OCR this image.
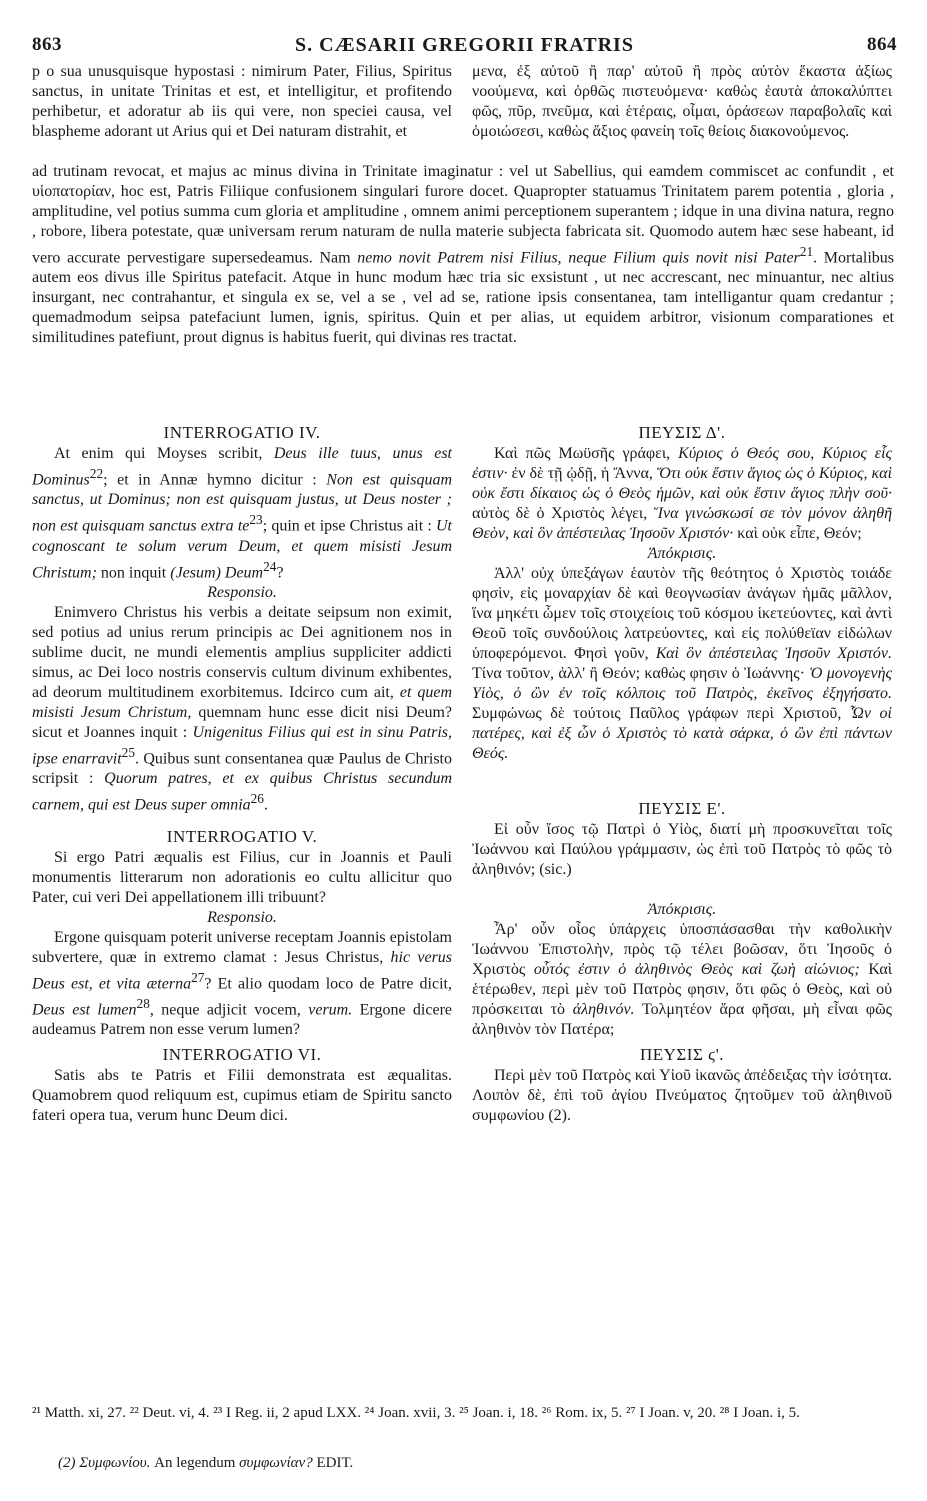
863	S. CÆSARII GREGORII FRATRIS	864

p o sua unusquisque hypostasi : nimirum Pater, Filius, Spiritus sanctus, in unitate Trinitas et est, et intelligitur, et profitendo perhibetur, et adoratur ab iis qui vere, non speciei causa, vel blaspheme adorant ut Arius qui et Dei naturam distrahit, et

μενα, ἐξ αὐτοῦ ἢ παρ' αὐτοῦ ἢ πρὸς αὐτὸν ἕκαστα ἀξίως νοούμενα, καὶ ὀρθῶς πιστευόμενα· καθὼς ἑαυτὰ ἀποκαλύπτει φῶς, πῦρ, πνεῦμα, καὶ ἑτέραις, οἶμαι, ὁράσεων παραβολαῖς καὶ ὁμοιώσεσι, καθὼς ἄξιος φανείη τοῖς θείοις διακονούμενος.

ad trutinam revocat, et majus ac minus divina in Trinitate imaginatur : vel ut Sabellius, qui eamdem commiscet ac confundit , et υἱοπατορίαν, hoc est, Patris Filiique confusionem singulari furore docet. Quapropter statuamus Trinitatem parem potentia , gloria , amplitudine, vel potius summa cum gloria et amplitudine , omnem animi perceptionem superantem ; idque in una divina natura, regno , robore, libera potestate, quæ universam rerum naturam de nulla materie subjecta fabricata sit. Quomodo autem hæc sese habeant, id vero accurate pervestigare supersedeamus. Nam nemo novit Patrem nisi Filius, neque Filium quis novit nisi Pater$^{21}$. Mortalibus autem eos divus ille Spiritus patefacit. Atque in hunc modum hæc tria sic exsistunt , ut nec accrescant, nec minuantur, nec altius insurgant, nec contrahantur, et singula ex se, vel a se , vel ad se, ratione ipsis consentanea, tam intelligantur quam credantur ; quemadmodum seipsa patefaciunt lumen, ignis, spiritus. Quin et per alias, ut equidem arbitror, visionum comparationes et similitudines patefiunt, prout dignus is habitus fuerit, qui divinas res tractat.

INTERROGATIO IV.

At enim qui Moyses scribit, Deus ille tuus, unus est Dominus$^{22}$; et in Annæ hymno dicitur : Non est quisquam sanctus, ut Dominus; non est quisquam justus, ut Deus noster ; non est quisquam sanctus extra $te^{23}$; quin et ipse Christus ait : Ut cognoscant te solum verum Deum, et quem misisti Jesum Christum; non inquit (Jesum) Deum$^{24}$?

Responsio.

Enimvero Christus his verbis a deitate seipsum non eximit, sed potius ad unius rerum principis ac Dei agnitionem nos in sublime ducit, ne mundi elementis amplius suppliciter addicti simus, ac Dei loco nostris conservis cultum divinum exhibentes, ad deorum multitudinem exorbitemus. Idcirco cum ait, et quem misisti Jesum Christum, quemnam hunc esse dicit nisi Deum? sicut et Joannes inquit : Unigenitus Filius qui est in sinu Patris, ipse enarravit$^{25}$. Quibus sunt consentanea quæ Paulus de Christo scripsit : Quorum patres, et ex quibus Christus secundum carnem, qui est Deus super omnia$^{26}$.

INTERROGATIO V.

Si ergo Patri æqualis est Filius, cur in Joannis et Pauli monumentis litterarum non adorationis eo cultu allicitur quo Pater, cui veri Dei appellationem illi tribuunt?

Responsio.

Ergone quisquam poterit universe receptam Joannis epistolam subvertere, quæ in extremo clamat : Jesus Christus, hic verus Deus est, et vita æterna$^{27}$? Et alio quodam loco de Patre dicit, Deus est lumen$^{28}$, neque adjicit vocem, verum. Ergone dicere audeamus Patrem non esse verum lumen?

INTERROGATIO VI.

Satis abs te Patris et Filii demonstrata est æqualitas. Quamobrem quod reliquum est, cupimus etiam de Spiritu sancto fateri opera tua, verum hunc Deum dici.

ΠΕΥΣΙΣ Δ'.

Καὶ πῶς Μωϋσῆς γράφει, Κύριος ὁ Θεός σου, Κύριος εἷς ἐστιν· ἐν δὲ τῇ ᾠδῇ, ἡ Ἄννα, Ὅτι οὐκ ἔστιν ἅγιος ὡς ὁ Κύριος, καὶ οὐκ ἔστι δίκαιος ὡς ὁ Θεὸς ἡμῶν, καὶ οὐκ ἔστιν ἅγιος πλὴν σοῦ· αὐτὸς δὲ ὁ Χριστὸς λέγει, Ἵνα γινώσκωσί σε τὸν μόνον ἀληθῆ Θεὸν, καὶ ὃν ἀπέστειλας Ἰησοῦν Χριστόν· καὶ οὐκ εἶπε, Θεόν;

Ἀπόκρισις.

Ἀλλ' οὐχ ὑπεξάγων ἑαυτὸν τῆς θεότητος ὁ Χριστὸς τοιάδε φησὶν, εἰς μοναρχίαν δὲ καὶ θεογνωσίαν ἀνάγων ἡμᾶς μᾶλλον, ἵνα μηκέτι ὦμεν τοῖς στοιχείοις τοῦ κόσμου ἱκετεύοντες, καὶ ἀντὶ Θεοῦ τοῖς συνδούλοις λατρεύοντες, καὶ εἰς πολύθεϊαν εἰδώλων ὑποφερόμενοι. Φησὶ γοῦν, Καὶ ὃν ἀπέστειλας Ἰησοῦν Χριστόν. Τίνα τοῦτον, ἀλλ' ἢ Θεόν; καθὼς φησιν ὁ Ἰωάννης· Ὁ μονογενὴς Υἱὸς, ὁ ὢν ἐν τοῖς κόλποις τοῦ Πατρὸς, ἐκεῖνος ἐξηγήσατο. Συμφώνως δὲ τούτοις Παῦλος γράφων περὶ Χριστοῦ, Ὧν οἱ πατέρες, καὶ ἐξ ὧν ὁ Χριστὸς τὸ κατὰ σάρκα, ὁ ὢν ἐπὶ πάντων Θεός.

ΠΕΥΣΙΣ Ε'.

Εἰ οὖν ἴσος τῷ Πατρὶ ὁ Υἱὸς, διατί μὴ προσκυνεῖται τοῖς Ἰωάννου καὶ Παύλου γράμμασιν, ὡς ἐπὶ τοῦ Πατρὸς τὸ φῶς τὸ ἀληθινόν; (sic.)

Ἀπόκρισις.

Ἆρ' οὖν οἷος ὑπάρχεις ὑποσπάσασθαι τὴν καθολικὴν Ἰωάννου Ἐπιστολὴν, πρὸς τῷ τέλει βοῶσαν, ὅτι Ἰησοῦς ὁ Χριστὸς οὗτός ἐστιν ὁ ἀληθινὸς Θεὸς καὶ ζωὴ αἰώνιος; Καὶ ἑτέρωθεν, περὶ μὲν τοῦ Πατρὸς φησιν, ὅτι φῶς ὁ Θεὸς, καὶ οὐ πρόσκειται τὸ ἀληθινόν. Τολμητέον ἄρα φῆσαι, μὴ εἶναι φῶς ἀληθινὸν τὸν Πατέρα;

ΠΕΥΣΙΣ ϛ'.

Περὶ μὲν τοῦ Πατρὸς καὶ Υἱοῦ ἱκανῶς ἀπέδειξας τὴν ἰσότητα. Λοιπὸν δὲ, ἐπὶ τοῦ ἁγίου Πνεύματος ζητοῦμεν τοῦ ἀληθινοῦ συμφωνίου (2).

²¹ Matth. xi, 27. ²² Deut. vi, 4. ²³ I Reg. ii, 2 apud LXX. ²⁴ Joan. xvii, 3. ²⁵ Joan. i, 18. ²⁶ Rom. ix, 5. ²⁷ I Joan. v, 20. ²⁸ I Joan. i, 5.
(2) Συμφωνίου. An legendum συμφωνίαν? EDIT.
